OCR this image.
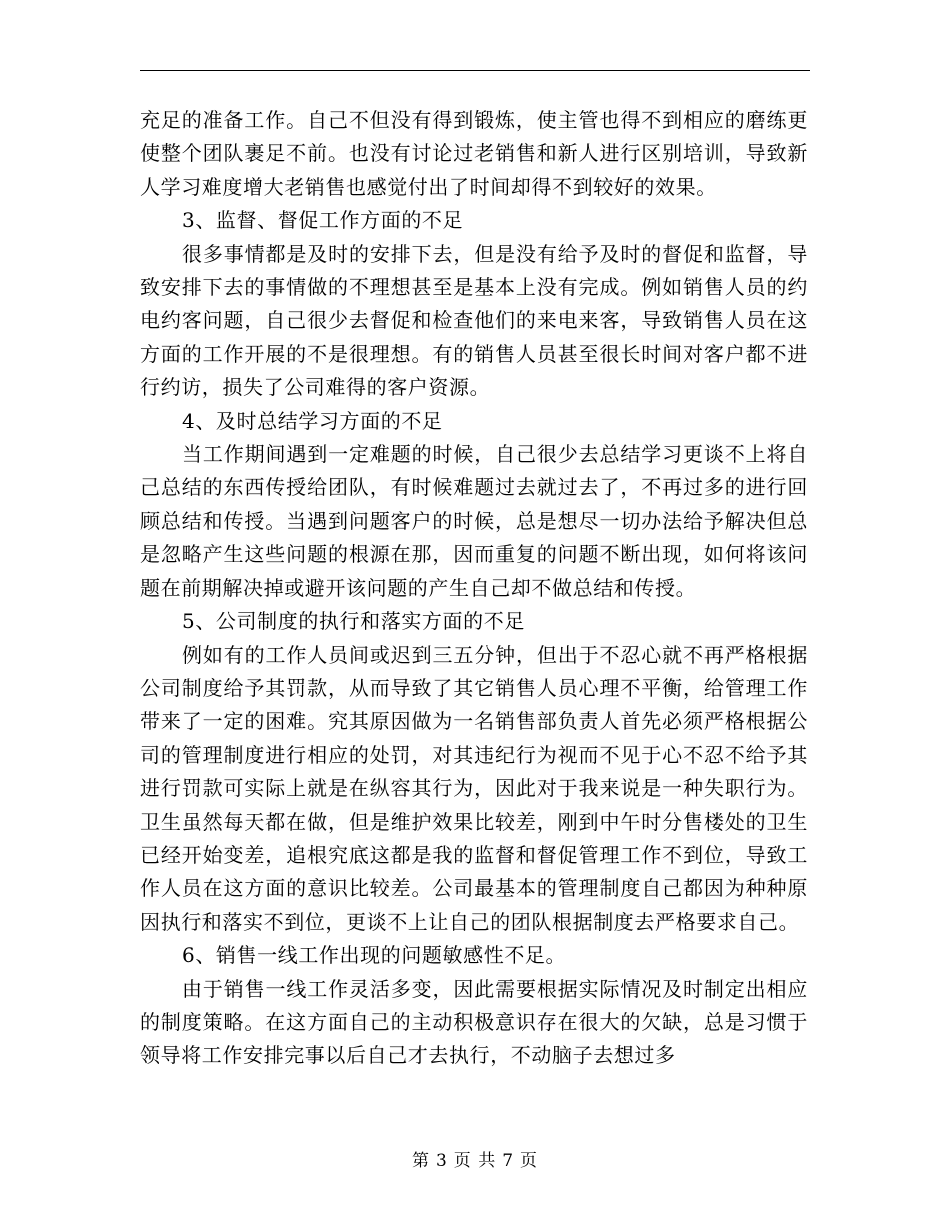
充足的准备工作。自己不但没有得到锻炼，使主管也得不到相应的磨练更使整个团队裹足不前。也没有讨论过老销售和新人进行区别培训，导致新人学习难度增大老销售也感觉付出了时间却得不到较好的效果。

3、监督、督促工作方面的不足

很多事情都是及时的安排下去，但是没有给予及时的督促和监督，导致安排下去的事情做的不理想甚至是基本上没有完成。例如销售人员的约电约客问题，自己很少去督促和检查他们的来电来客，导致销售人员在这方面的工作开展的不是很理想。有的销售人员甚至很长时间对客户都不进行约访，损失了公司难得的客户资源。

4、及时总结学习方面的不足

当工作期间遇到一定难题的时候，自己很少去总结学习更谈不上将自己总结的东西传授给团队，有时候难题过去就过去了，不再过多的进行回顾总结和传授。当遇到问题客户的时候，总是想尽一切办法给予解决但总是忽略产生这些问题的根源在那，因而重复的问题不断出现，如何将该问题在前期解决掉或避开该问题的产生自己却不做总结和传授。

5、公司制度的执行和落实方面的不足

例如有的工作人员间或迟到三五分钟，但出于不忍心就不再严格根据公司制度给予其罚款，从而导致了其它销售人员心理不平衡，给管理工作带来了一定的困难。究其原因做为一名销售部负责人首先必须严格根据公司的管理制度进行相应的处罚，对其违纪行为视而不见于心不忍不给予其进行罚款可实际上就是在纵容其行为，因此对于我来说是一种失职行为。卫生虽然每天都在做，但是维护效果比较差，刚到中午时分售楼处的卫生已经开始变差，追根究底这都是我的监督和督促管理工作不到位，导致工作人员在这方面的意识比较差。公司最基本的管理制度自己都因为种种原因执行和落实不到位，更谈不上让自己的团队根据制度去严格要求自己。

6、销售一线工作出现的问题敏感性不足。

由于销售一线工作灵活多变，因此需要根据实际情况及时制定出相应的制度策略。在这方面自己的主动积极意识存在很大的欠缺，总是习惯于领导将工作安排完事以后自己才去执行，不动脑子去想过多

第 3 页 共 7 页
